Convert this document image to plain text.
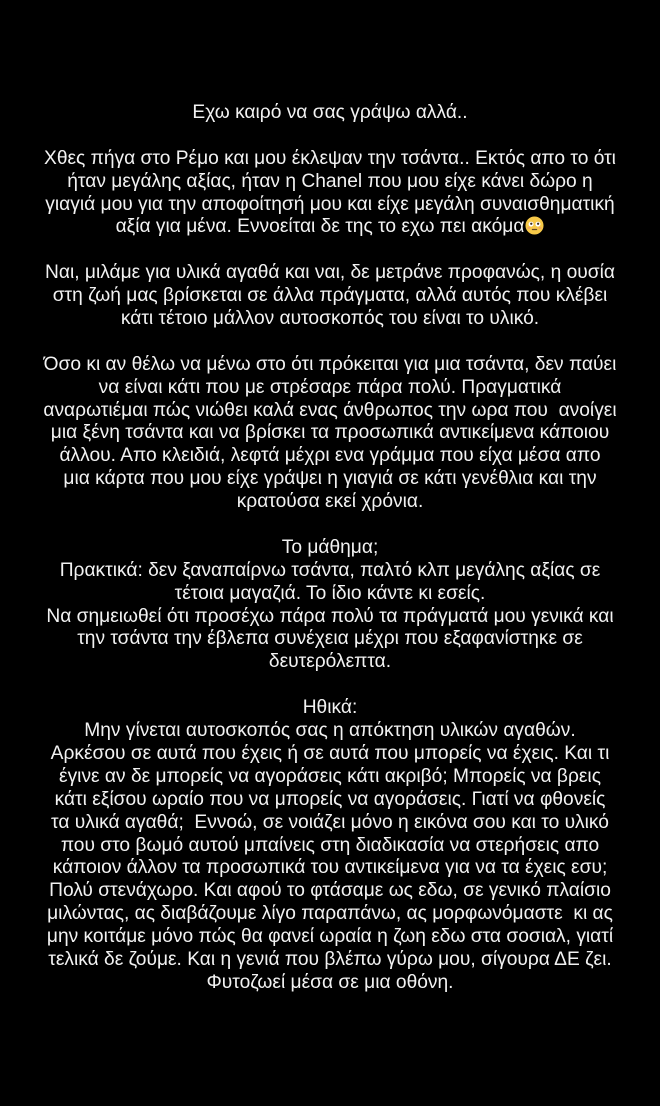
Εχω καιρό να σας γράψω αλλά..
Χθες πήγα στο Ρέμο και μου έκλεψαν την τσάντα.. Εκτός απο το ότι
ήταν μεγάλης αξίας, ήταν η Chanel που μου είχε κάνει δώρο η
γιαγιά μου για την αποφοίτησή μου και είχε μεγάλη συναισθηματική
αξία για μένα. Εννοείται δε της το εχω πει ακόμα
Ναι, μιλάμε για υλικά αγαθά και ναι, δε μετράνε προφανώς, η ουσία
στη ζωή μας βρίσκεται σε άλλα πράγματα, αλλά αυτός που κλέβει
κάτι τέτοιο μάλλον αυτοσκοπός του είναι το υλικό.
Όσο κι αν θέλω να μένω στο ότι πρόκειται για μια τσάντα, δεν παύει
να είναι κάτι που με στρέσαρε πάρα πολύ. Πραγματικά
αναρωτιέμαι πώς νιώθει καλά ενας άνθρωπος την ωρα που  ανοίγει
μια ξένη τσάντα και να βρίσκει τα προσωπικά αντικείμενα κάποιου
άλλου. Απο κλειδιά, λεφτά μέχρι ενα γράμμα που είχα μέσα απο
μια κάρτα που μου είχε γράψει η γιαγιά σε κάτι γενέθλια και την
κρατούσα εκεί χρόνια.
Το μάθημα;
Πρακτικά: δεν ξαναπαίρνω τσάντα, παλτό κλπ μεγάλης αξίας σε
τέτοια μαγαζιά. Το ίδιο κάντε κι εσείς.
Να σημειωθεί ότι προσέχω πάρα πολύ τα πράγματά μου γενικά και
την τσάντα την έβλεπα συνέχεια μέχρι που εξαφανίστηκε σε
δευτερόλεπτα.
Ηθικά:
Μην γίνεται αυτοσκοπός σας η απόκτηση υλικών αγαθών.
Αρκέσου σε αυτά που έχεις ή σε αυτά που μπορείς να έχεις. Και τι
έγινε αν δε μπορείς να αγοράσεις κάτι ακριβό; Μπορείς να βρεις
κάτι εξίσου ωραίο που να μπορείς να αγοράσεις. Γιατί να φθονείς
τα υλικά αγαθά;  Εννοώ, σε νοιάζει μόνο η εικόνα σου και το υλικό
που στο βωμό αυτού μπαίνεις στη διαδικασία να στερήσεις απο
κάποιον άλλον τα προσωπικά του αντικείμενα για να τα έχεις εσυ;
Πολύ στενάχωρο. Και αφού το φτάσαμε ως εδω, σε γενικό πλαίσιο
μιλώντας, ας διαβάζουμε λίγο παραπάνω, ας μορφωνόμαστε  κι ας
μην κοιτάμε μόνο πώς θα φανεί ωραία η ζωη εδω στα σοσιαλ, γιατί
τελικά δε ζούμε. Και η γενιά που βλέπω γύρω μου, σίγουρα ΔΕ ζει.
Φυτοζωεί μέσα σε μια οθόνη.
